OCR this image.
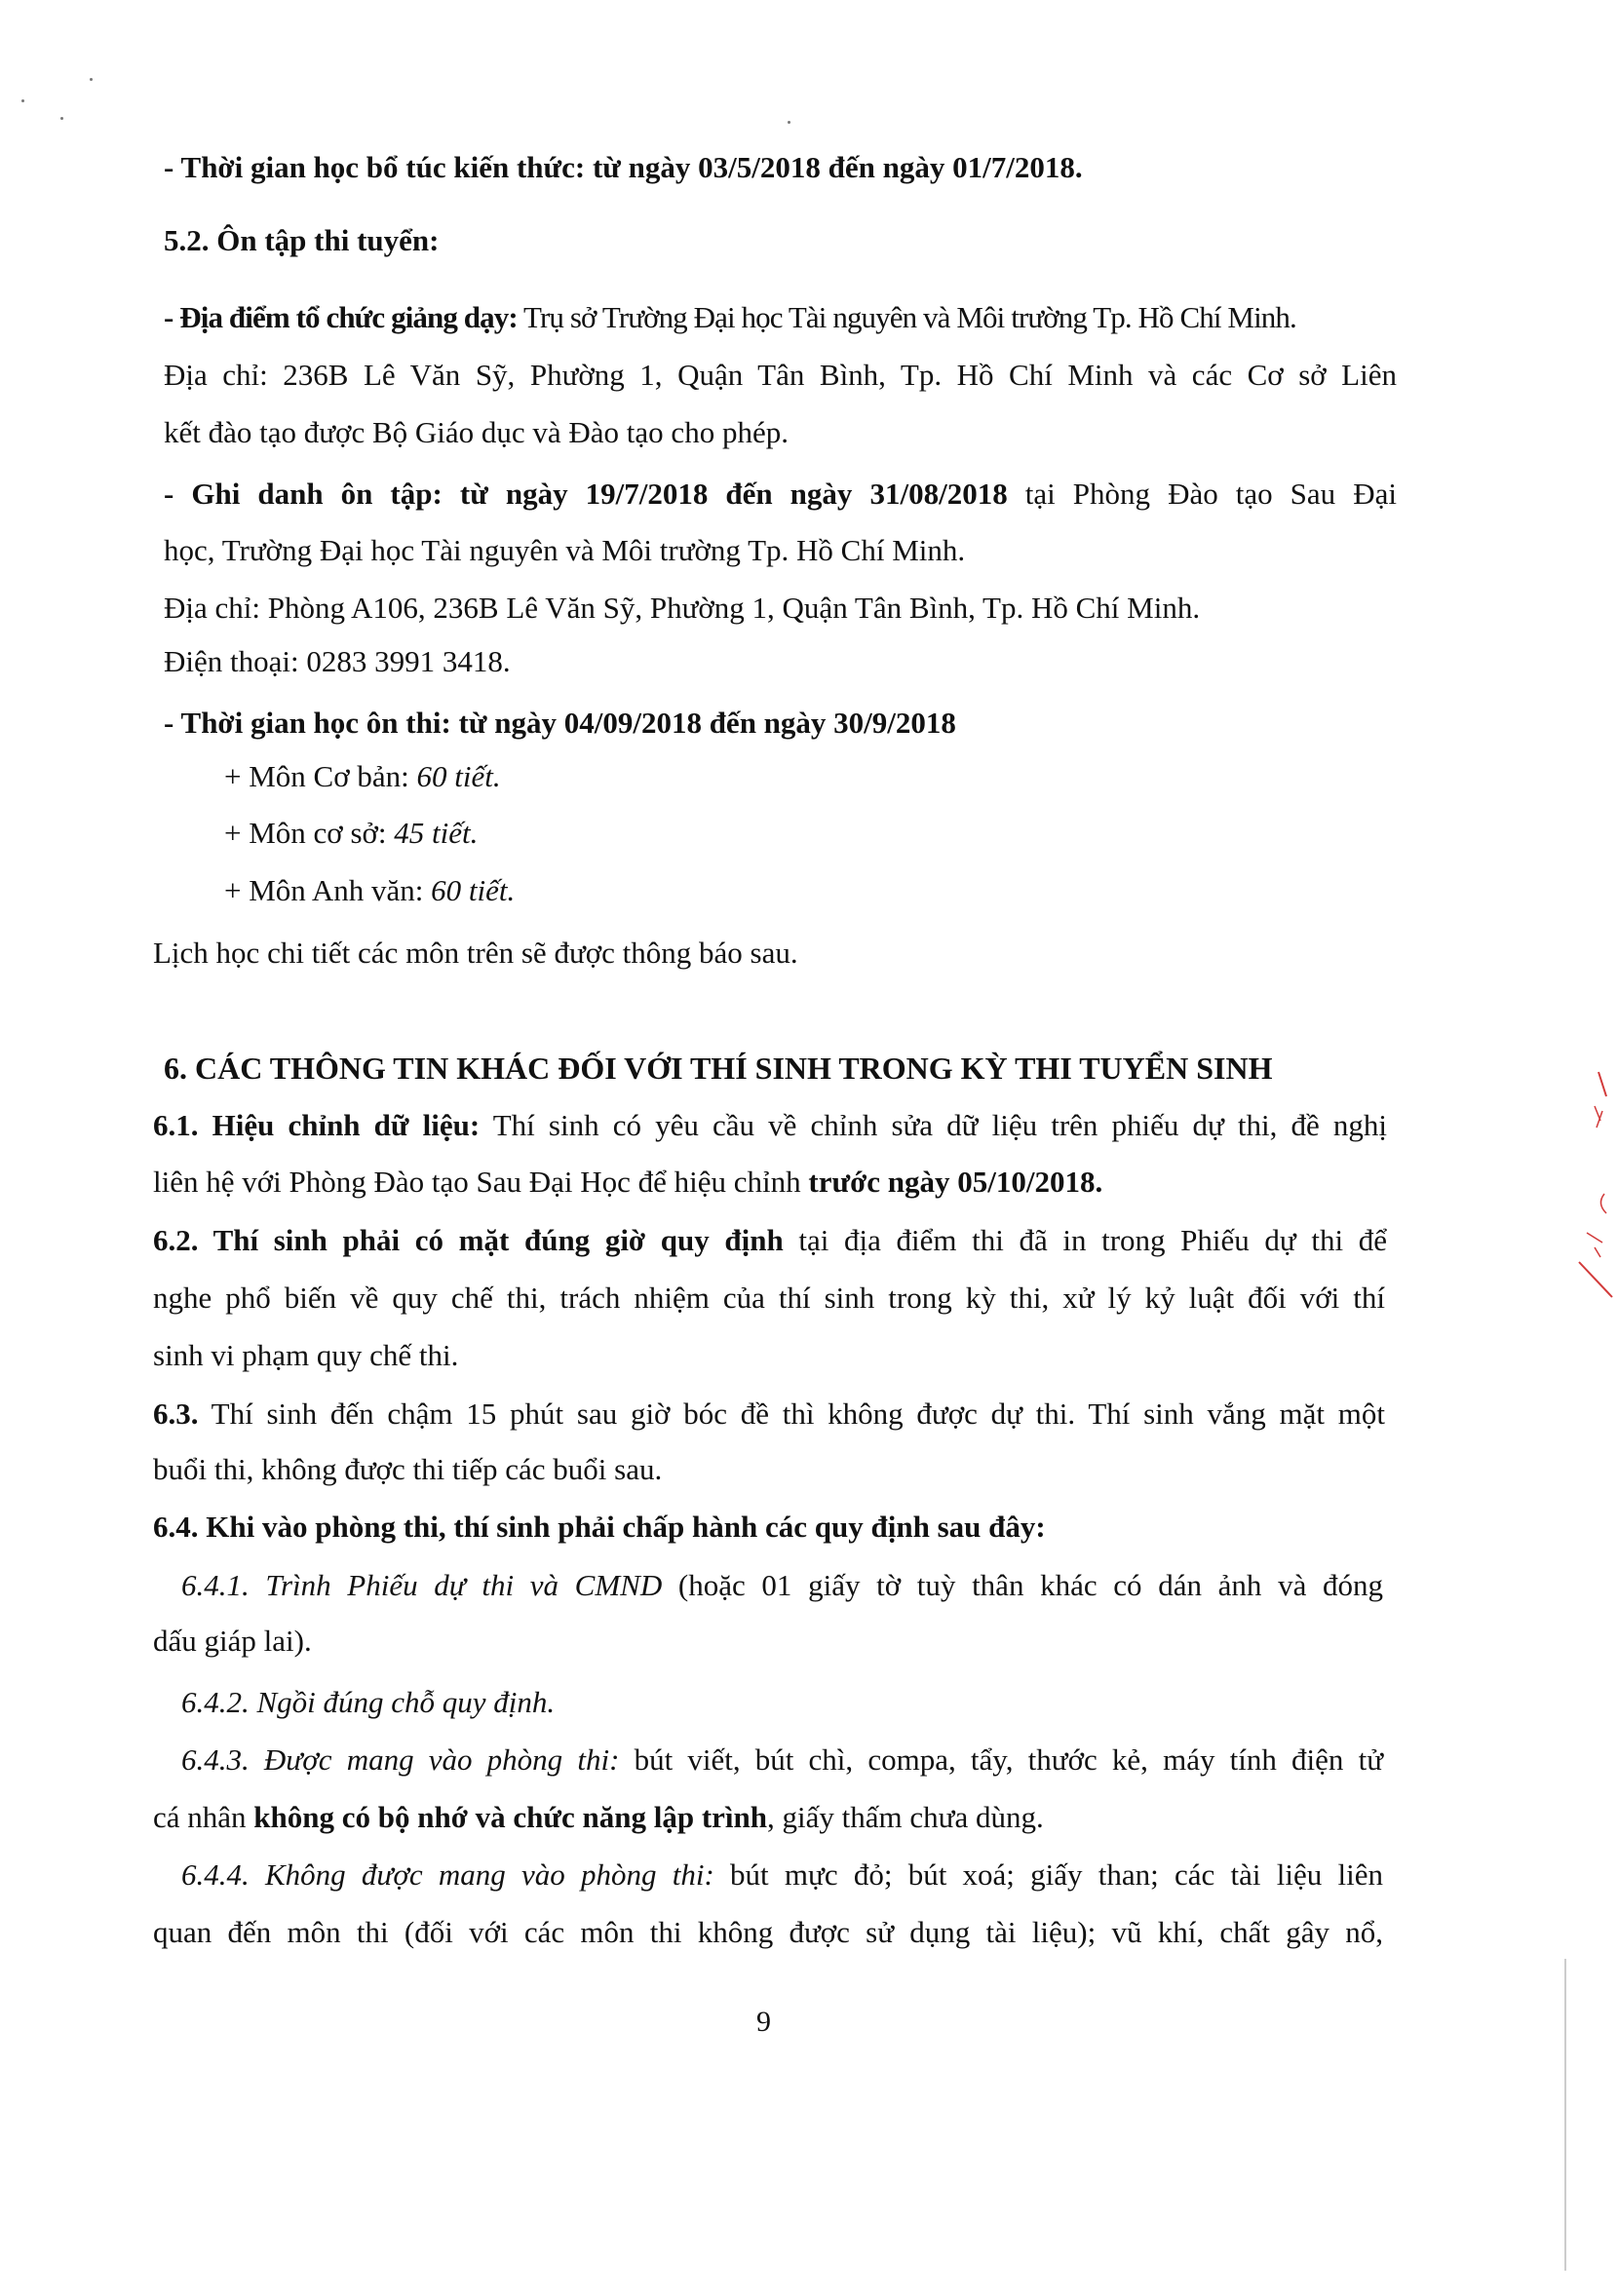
- Thời gian học bổ túc kiến thức: từ ngày 03/5/2018 đến ngày 01/7/2018.

5.2. Ôn tập thi tuyển:

- Địa điểm tổ chức giảng dạy: Trụ sở Trường Đại học Tài nguyên và Môi trường Tp. Hồ Chí Minh.

Địa chỉ: 236B Lê Văn Sỹ, Phường 1, Quận Tân Bình, Tp. Hồ Chí Minh và các Cơ sở Liên

kết đào tạo được Bộ Giáo dục và Đào tạo cho phép.

- Ghi danh ôn tập: từ ngày 19/7/2018 đến ngày 31/08/2018 tại Phòng Đào tạo Sau Đại

học, Trường Đại học Tài nguyên và Môi trường Tp. Hồ Chí Minh.

Địa chỉ: Phòng A106, 236B Lê Văn Sỹ, Phường 1, Quận Tân Bình, Tp. Hồ Chí Minh.

Điện thoại: 0283 3991 3418.

- Thời gian học ôn thi: từ ngày 04/09/2018 đến ngày 30/9/2018

+ Môn Cơ bản: 60 tiết.

+ Môn cơ sở: 45 tiết.

+ Môn Anh văn: 60 tiết.

Lịch học chi tiết các môn trên sẽ được thông báo sau.

6. CÁC THÔNG TIN KHÁC ĐỐI VỚI THÍ SINH TRONG KỲ THI TUYỂN SINH

6.1. Hiệu chỉnh dữ liệu: Thí sinh có yêu cầu về chỉnh sửa dữ liệu trên phiếu dự thi, đề nghị

liên hệ với Phòng Đào tạo Sau Đại Học để hiệu chỉnh trước ngày 05/10/2018.

6.2. Thí sinh phải có mặt đúng giờ quy định tại địa điểm thi đã in trong Phiếu dự thi để

nghe phổ biến về quy chế thi, trách nhiệm của thí sinh trong kỳ thi, xử lý kỷ luật đối với thí

sinh vi phạm quy chế thi.

6.3. Thí sinh đến chậm 15 phút sau giờ bóc đề thì không được dự thi. Thí sinh vắng mặt một

buổi thi, không được thi tiếp các buổi sau.

6.4. Khi vào phòng thi, thí sinh phải chấp hành các quy định sau đây:

6.4.1. Trình Phiếu dự thi và CMND (hoặc 01 giấy tờ tuỳ thân khác có dán ảnh và đóng

dấu giáp lai).

6.4.2. Ngồi đúng chỗ quy định.

6.4.3. Được mang vào phòng thi: bút viết, bút chì, compa, tẩy, thước kẻ, máy tính điện tử

cá nhân không có bộ nhớ và chức năng lập trình, giấy thấm chưa dùng.

6.4.4. Không được mang vào phòng thi: bút mực đỏ; bút xoá; giấy than; các tài liệu liên

quan đến môn thi (đối với các môn thi không được sử dụng tài liệu); vũ khí, chất gây nổ,

9
